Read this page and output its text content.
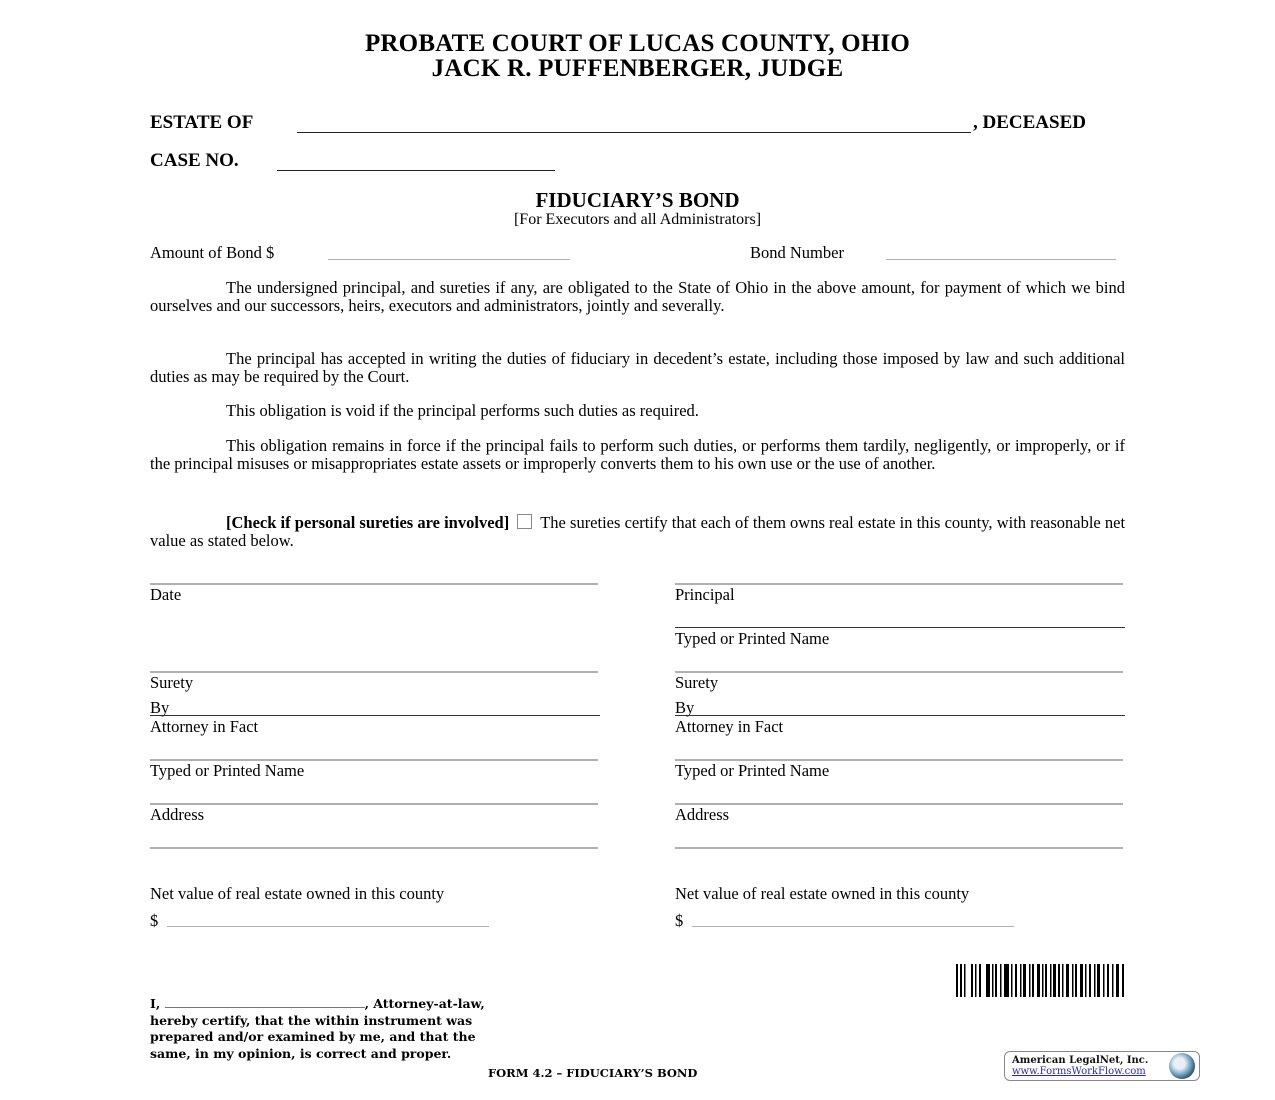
PROBATE COURT OF LUCAS COUNTY, OHIO
JACK R. PUFFENBERGER, JUDGE
ESTATE OF	, DECEASED
CASE NO.
FIDUCIARY’S BOND
[For Executors and all Administrators]
Amount of Bond $	Bond Number
The undersigned principal, and sureties if any, are obligated to the State of Ohio in the above amount, for payment of which we bind ourselves and our successors, heirs, executors and administrators, jointly and severally.
The principal has accepted in writing the duties of fiduciary in decedent’s estate, including those imposed by law and such additional duties as may be required by the Court.
This obligation is void if the principal performs such duties as required.
This obligation remains in force if the principal fails to perform such duties, or performs them tardily, negligently, or improperly, or if the principal misuses or misappropriates estate assets or improperly converts them to his own use or the use of another.
[Check if personal sureties are involved] The sureties certify that each of them owns real estate in this county, with reasonable net value as stated below.
Date
Surety
By
Attorney in Fact
Typed or Printed Name
Address
Net value of real estate owned in this county
$
Principal
Typed or Printed Name
Surety
By
Attorney in Fact
Typed or Printed Name
Address
Net value of real estate owned in this county
$
I,	, Attorney-at-law,
hereby certify, that the within instrument was
prepared and/or examined by me, and that the
same, in my opinion, is correct and proper.
FORM 4.2 – FIDUCIARY’S BOND
American LegalNet, Inc.
www.FormsWorkFlow.com
